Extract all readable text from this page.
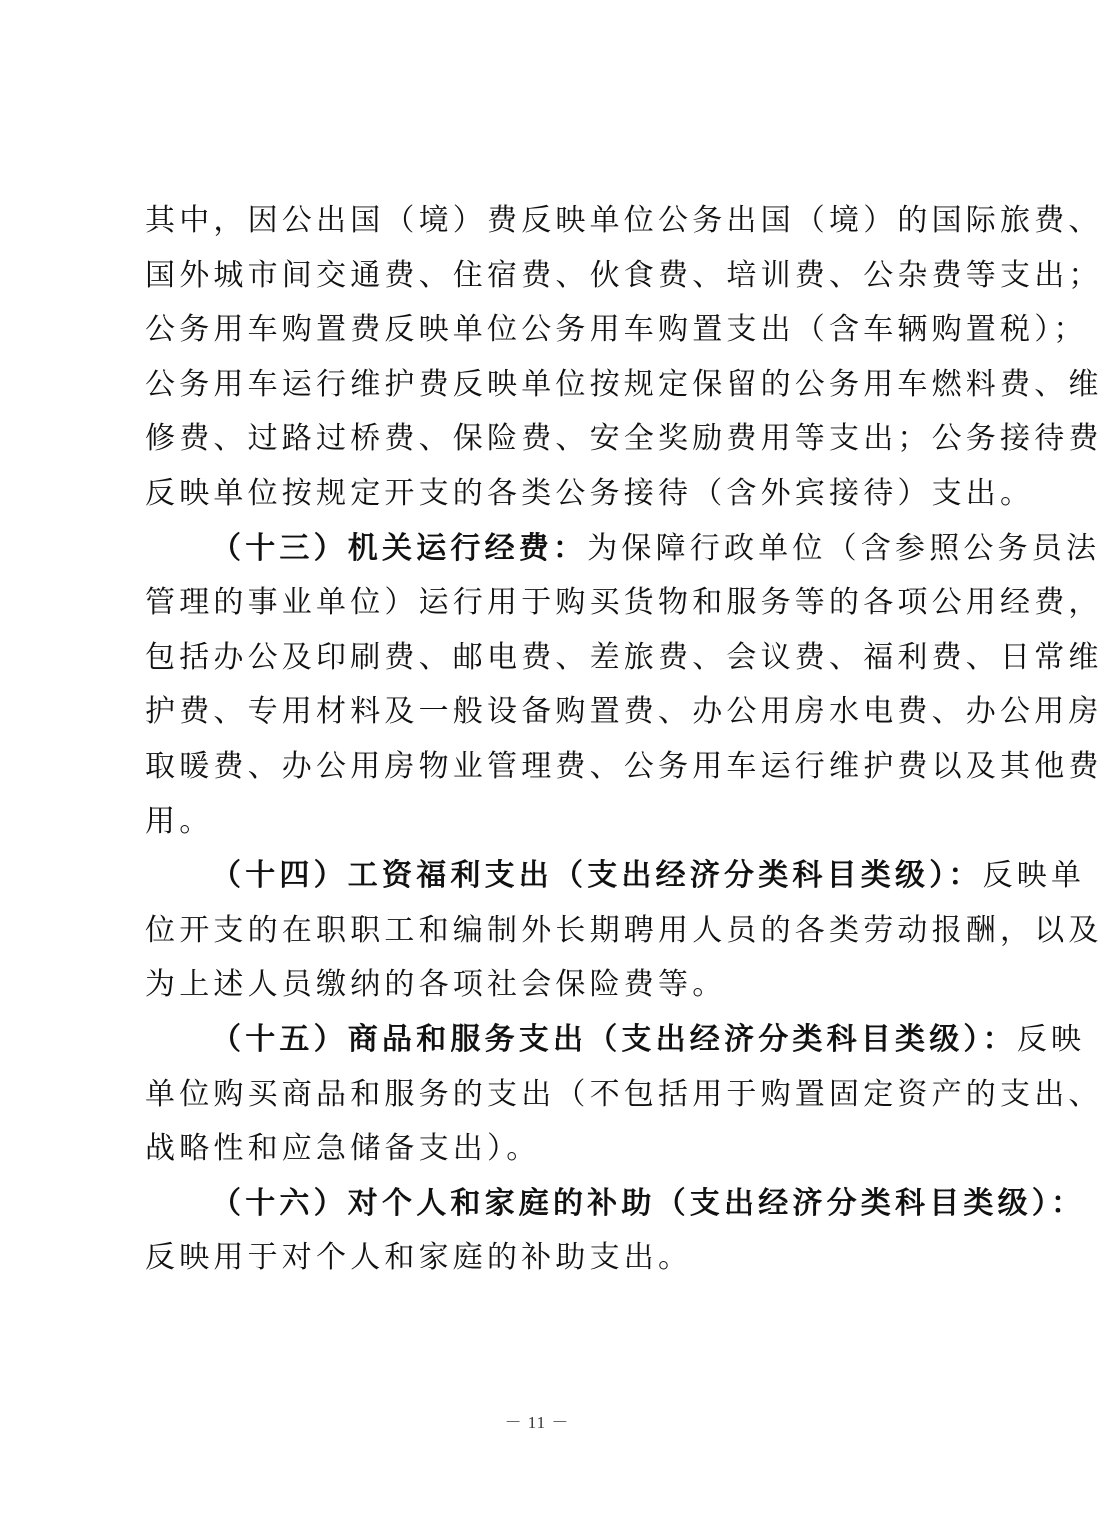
其中，因公出国（境）费反映单位公务出国（境）的国际旅费、
国外城市间交通费、住宿费、伙食费、培训费、公杂费等支出；
公务用车购置费反映单位公务用车购置支出（含车辆购置税）；
公务用车运行维护费反映单位按规定保留的公务用车燃料费、维
修费、过路过桥费、保险费、安全奖励费用等支出；公务接待费
反映单位按规定开支的各类公务接待（含外宾接待）支出。
（十三）机关运行经费：为保障行政单位（含参照公务员法
管理的事业单位）运行用于购买货物和服务等的各项公用经费，
包括办公及印刷费、邮电费、差旅费、会议费、福利费、日常维
护费、专用材料及一般设备购置费、办公用房水电费、办公用房
取暖费、办公用房物业管理费、公务用车运行维护费以及其他费
用。
（十四）工资福利支出（支出经济分类科目类级）：反映单
位开支的在职职工和编制外长期聘用人员的各类劳动报酬，以及
为上述人员缴纳的各项社会保险费等。
（十五）商品和服务支出（支出经济分类科目类级）：反映
单位购买商品和服务的支出（不包括用于购置固定资产的支出、
战略性和应急储备支出）。
（十六）对个人和家庭的补助（支出经济分类科目类级）：
反映用于对个人和家庭的补助支出。
－ 11 －
